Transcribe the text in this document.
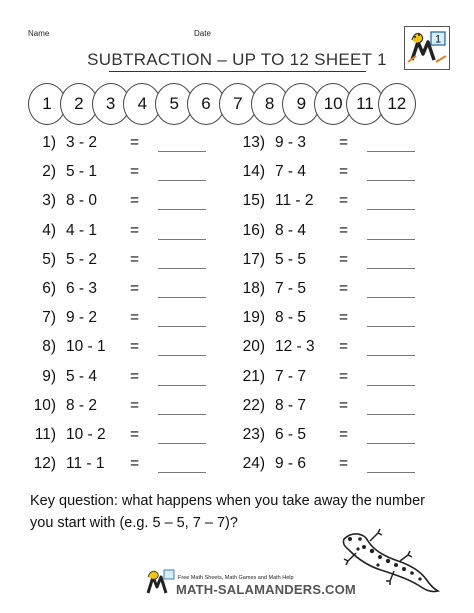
Name	Date	1
SUBTRACTION – UP TO 12 SHEET 1
1	2	3	4	5	6	7	8	9	10 11 12
1) 3 - 2 =
2) 5 - 1 =
3) 8 - 0 =
4) 4 - 1 =
5) 5 - 2 =
6) 6 - 3 =
7) 9 - 2 =
8) 10 - 1 =
9) 5 - 4 =
10) 8 - 2 =
11) 10 - 2 =
12) 11 - 1 =
13) 9 - 3 =
14) 7 - 4 =
15) 11 - 2 =
16) 8 - 4 =
17) 5 - 5 =
18) 7 - 5 =
19) 8 - 5 =
20) 12 - 3 =
21) 7 - 7 =
22) 8 - 7 =
23) 6 - 5 =
24) 9 - 6 =
Key question: what happens when you take away the number you start with (e.g. 5 – 5, 7 – 7)?
Free Math Sheets, Math Games and Math Help
MATH-SALAMANDERS.COM
